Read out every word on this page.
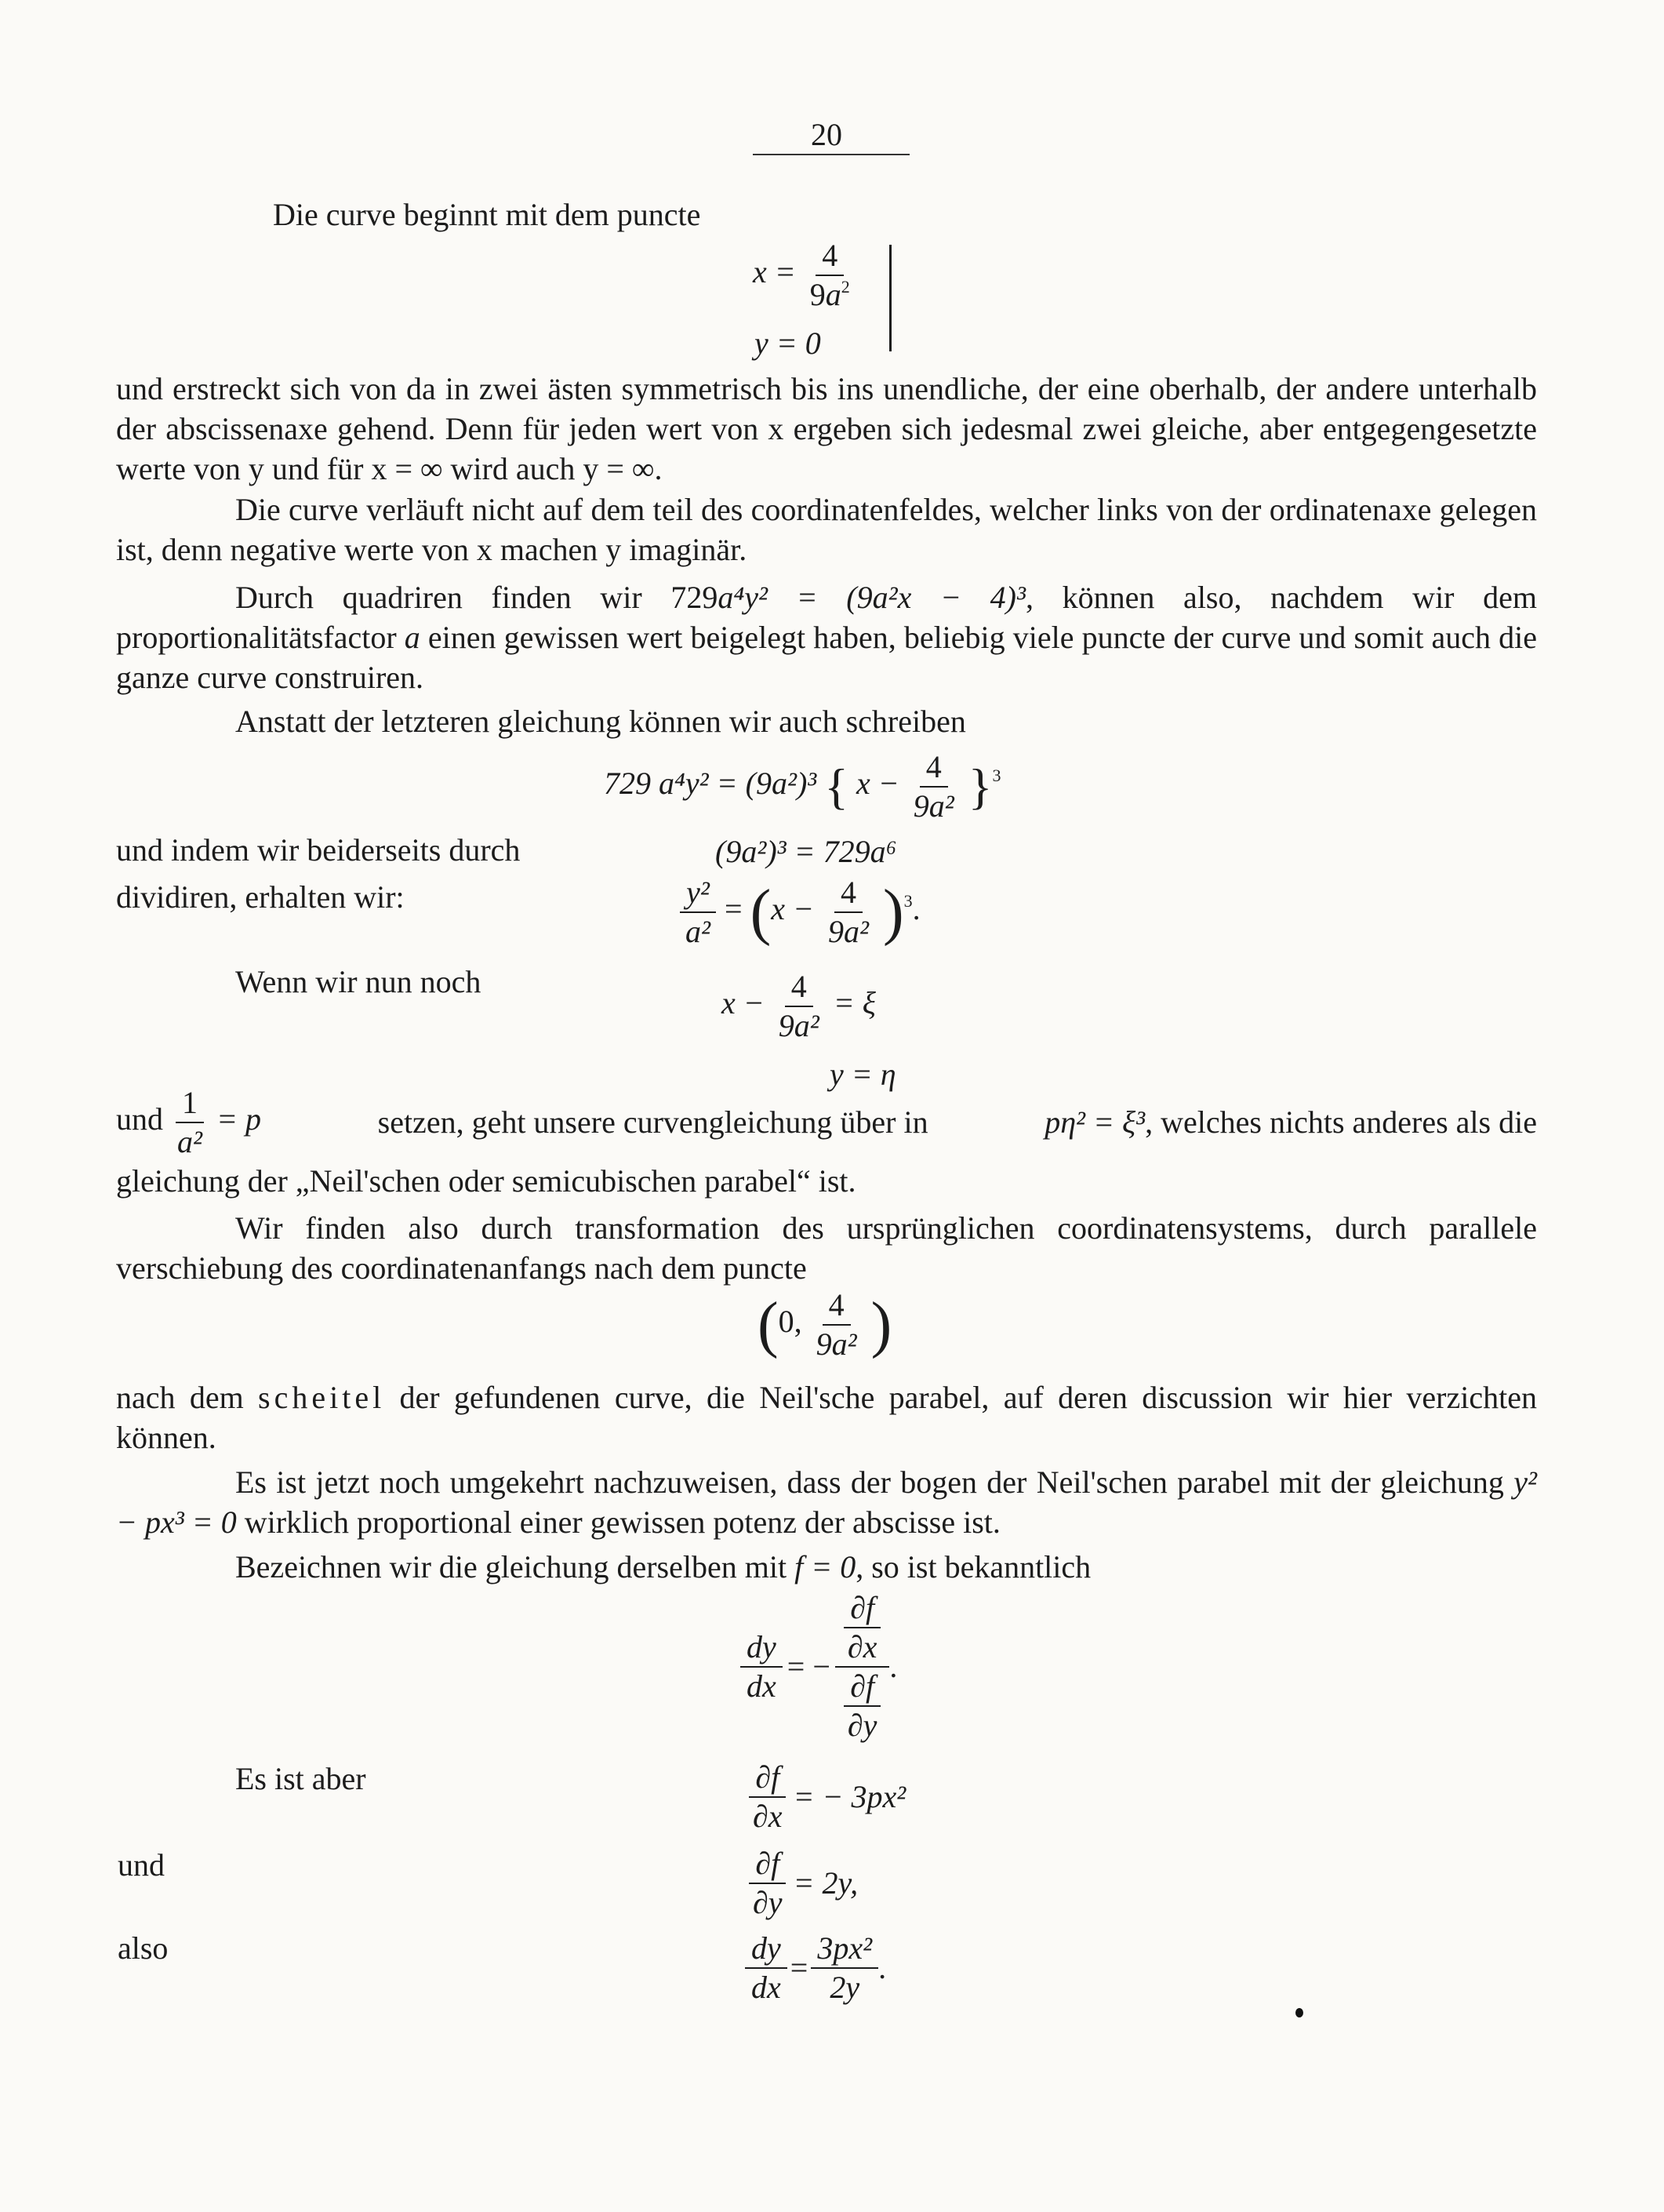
20
Die curve beginnt mit dem puncte
$x = \frac{4}{9a^2}$
y = 0
und erstreckt sich von da in zwei ästen symmetrisch bis ins unendliche, der eine oberhalb, der andere unterhalb der abscissenaxe gehend. Denn für jeden wert von x ergeben sich jedesmal zwei gleiche, aber entgegengesetzte werte von y und für x = ∞ wird auch y = ∞.
Die curve verläuft nicht auf dem teil des coordinatenfeldes, welcher links von der ordinatenaxe gelegen ist, denn negative werte von x machen y imaginär.
Durch quadriren finden wir 729a⁴y² = (9a²x − 4)³, können also, nachdem wir dem proportionalitätsfactor a einen gewissen wert beigelegt haben, beliebig viele puncte der curve und somit auch die ganze curve construiren.
Anstatt der letzteren gleichung können wir auch schreiben
729 a⁴y² = (9a²)³ { $x - \frac{4}{\text{9a²}} \}^3$
und indem wir beiderseits durch
dividiren, erhalten wir:
(9a²)³ = 729a⁶
$\frac{\text{y²}}{\text{a²}} = (x - \frac{4}{\text{9a²}} )^3$.
Wenn wir nun noch
$x - \frac{4}{\text{9a²}} = \xi$
y = η
und $\frac{1}{\text{a²}} = p$	setzen, geht unsere curvengleichung über in	pη² = ξ³, welches nichts anderes als die
gleichung der „Neil'schen oder semicubischen parabel“ ist.
Wir finden also durch transformation des ursprünglichen coordinatensystems, durch parallele verschiebung des coordinatenanfangs nach dem puncte
(0, $\frac{4}{\text{9a²}}$ )
nach dem scheitel der gefundenen curve, die Neil'sche parabel, auf deren discussion wir hier verzichten können.
Es ist jetzt noch umgekehrt nachzuweisen, dass der bogen der Neil'schen parabel mit der gleichung y² − px³ = 0 wirklich proportional einer gewissen potenz der abscisse ist.
Bezeichnen wir die gleichung derselben mit f = 0, so ist bekanntlich
$\frac{dy}{dx}$ = − $\frac{\frac{\partial f}{\partial x}}{\frac{\partial f}{\partial y}}$ .
Es ist aber	$\frac{\partial f}{\partial x}$ = − 3px²
und	$\frac{\partial f}{\partial y} = 2y$,
also	$\frac{dy}{dx} = \frac{\text{3px²}}{2y}$ .
